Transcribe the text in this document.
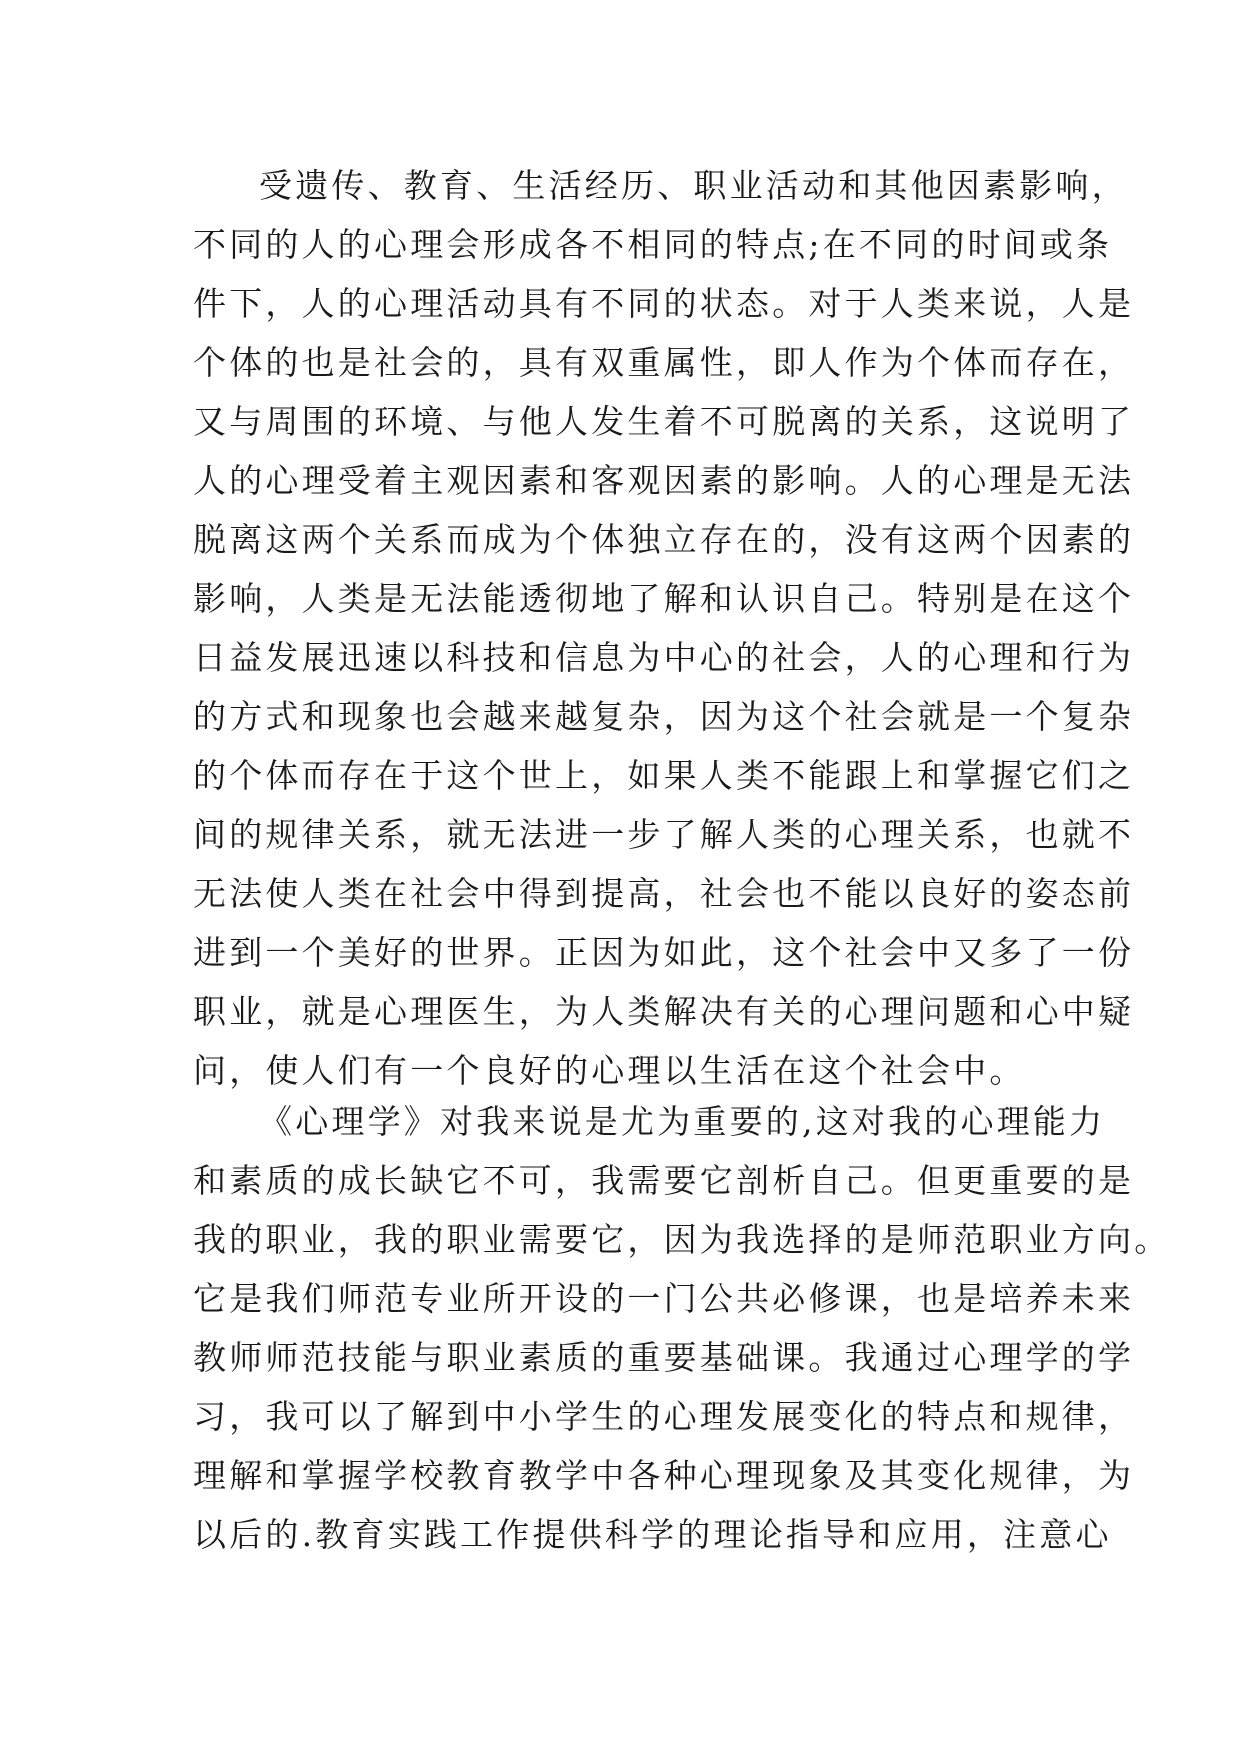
受遗传、教育、生活经历、职业活动和其他因素影响，
不同的人的心理会形成各不相同的特点;在不同的时间或条
件下，人的心理活动具有不同的状态。对于人类来说，人是
个体的也是社会的，具有双重属性，即人作为个体而存在，
又与周围的环境、与他人发生着不可脱离的关系，这说明了
人的心理受着主观因素和客观因素的影响。人的心理是无法
脱离这两个关系而成为个体独立存在的，没有这两个因素的
影响，人类是无法能透彻地了解和认识自己。特别是在这个
日益发展迅速以科技和信息为中心的社会，人的心理和行为
的方式和现象也会越来越复杂，因为这个社会就是一个复杂
的个体而存在于这个世上，如果人类不能跟上和掌握它们之
间的规律关系，就无法进一步了解人类的心理关系，也就不
无法使人类在社会中得到提高，社会也不能以良好的姿态前
进到一个美好的世界。正因为如此，这个社会中又多了一份
职业，就是心理医生，为人类解决有关的心理问题和心中疑
问，使人们有一个良好的心理以生活在这个社会中。
《心理学》对我来说是尤为重要的,这对我的心理能力
和素质的成长缺它不可，我需要它剖析自己。但更重要的是
我的职业，我的职业需要它，因为我选择的是师范职业方向。
它是我们师范专业所开设的一门公共必修课，也是培养未来
教师师范技能与职业素质的重要基础课。我通过心理学的学
习，我可以了解到中小学生的心理发展变化的特点和规律，
理解和掌握学校教育教学中各种心理现象及其变化规律，为
以后的.教育实践工作提供科学的理论指导和应用，注意心
